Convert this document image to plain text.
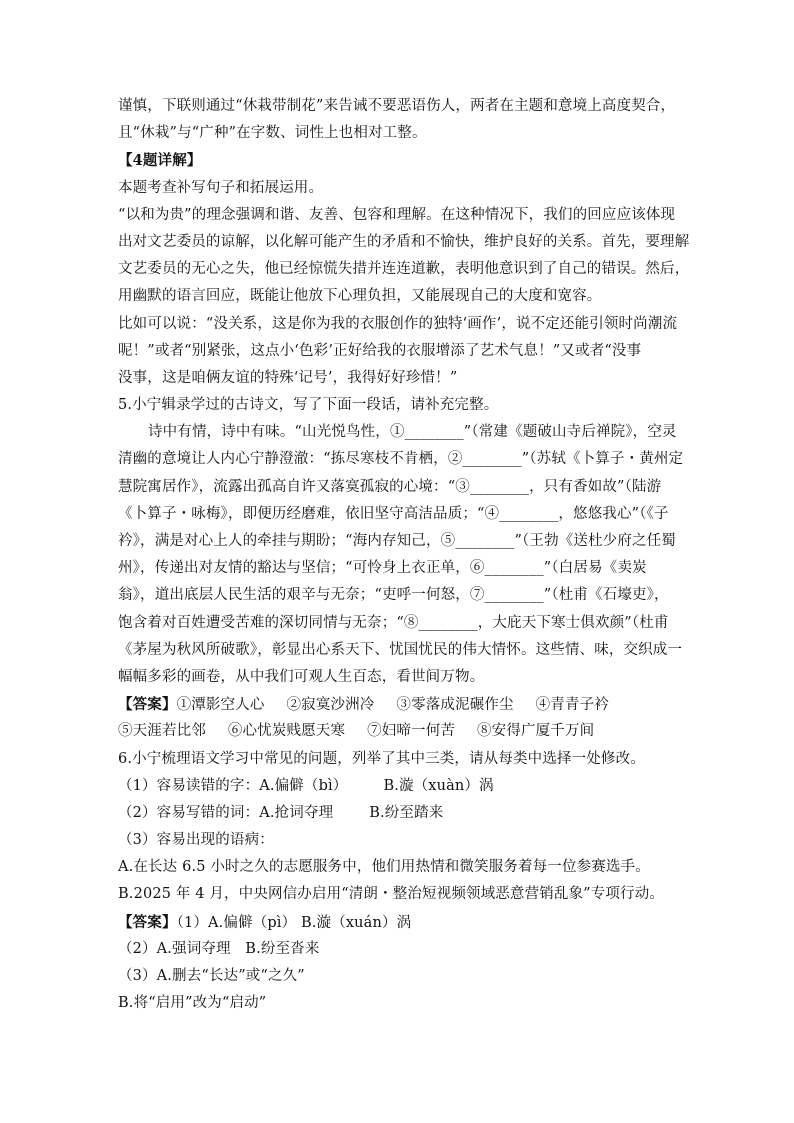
谨慎，下联则通过“休栽带制花”来告诫不要恶语伤人，两者在主题和意境上高度契合，
且“休栽”与“广种”在字数、词性上也相对工整。
【4题详解】
本题考查补写句子和拓展运用。
“以和为贵”的理念强调和谐、友善、包容和理解。在这种情况下，我们的回应应该体现
出对文艺委员的谅解，以化解可能产生的矛盾和不愉快，维护良好的关系。首先，要理解
文艺委员的无心之失，他已经惊慌失措并连连道歉，表明他意识到了自己的错误。然后，
用幽默的语言回应，既能让他放下心理负担，又能展现自己的大度和宽容。
比如可以说：“没关系，这是你为我的衣服创作的独特‘画作’，说不定还能引领时尚潮流
呢！”或者“别紧张，这点小‘色彩’正好给我的衣服增添了艺术气息！”又或者“没事
没事，这是咱俩友谊的特殊‘记号’，我得好好珍惜！”
5.小宁辑录学过的古诗文，写了下面一段话，请补充完整。
诗中有情，诗中有味。“山光悦鸟性，①________”（常建《题破山寺后禅院》，空灵
清幽的意境让人内心宁静澄澈：“拣尽寒枝不肯栖，②________”（苏轼《卜算子・黄州定
慧院寓居作》，流露出孤高自许又落寞孤寂的心境：“③________，只有香如故”（陆游
《卜算子・咏梅》，即便历经磨难，依旧坚守高洁品质；“④________，悠悠我心”（《子
衿》，满是对心上人的牵挂与期盼；“海内存知己，⑤________”（王勃《送杜少府之任蜀
州》，传递出对友情的豁达与坚信；“可怜身上衣正单，⑥________”（白居易《卖炭
翁》，道出底层人民生活的艰辛与无奈；“吏呼一何怒，⑦________”（杜甫《石壕吏》，
饱含着对百姓遭受苦难的深切同情与无奈；“⑧________，大庇天下寒士俱欢颜”（杜甫
《茅屋为秋风所破歌》，彰显出心系天下、忧国忧民的伟大情怀。这些情、味，交织成一
幅幅多彩的画卷，从中我们可观人生百态，看世间万物。
【答案】①潭影空人心 ②寂寞沙洲冷 ③零落成泥碾作尘 ④青青子衿
⑤天涯若比邻 ⑥心忧炭贱愿天寒 ⑦妇啼一何苦 ⑧安得广厦千万间
6.小宁梳理语文学习中常见的问题，列举了其中三类，请从每类中选择一处修改。
（1）容易读错的字：A.偏僻（bì） B.漩（xuàn）涡
（2）容易写错的词：A.抢词夺理 B.纷至踏来
（3）容易出现的语病：
A.在长达 6.5 小时之久的志愿服务中，他们用热情和微笑服务着每一位参赛选手。
B.2025 年 4 月，中央网信办启用“清朗・整治短视频领域恶意营销乱象”专项行动。
【答案】（1）A.偏僻（pì） B.漩（xuán）涡
（2）A.强词夺理　B.纷至沓来
（3）A.删去“长达”或“之久”
B.将“启用”改为“启动”
